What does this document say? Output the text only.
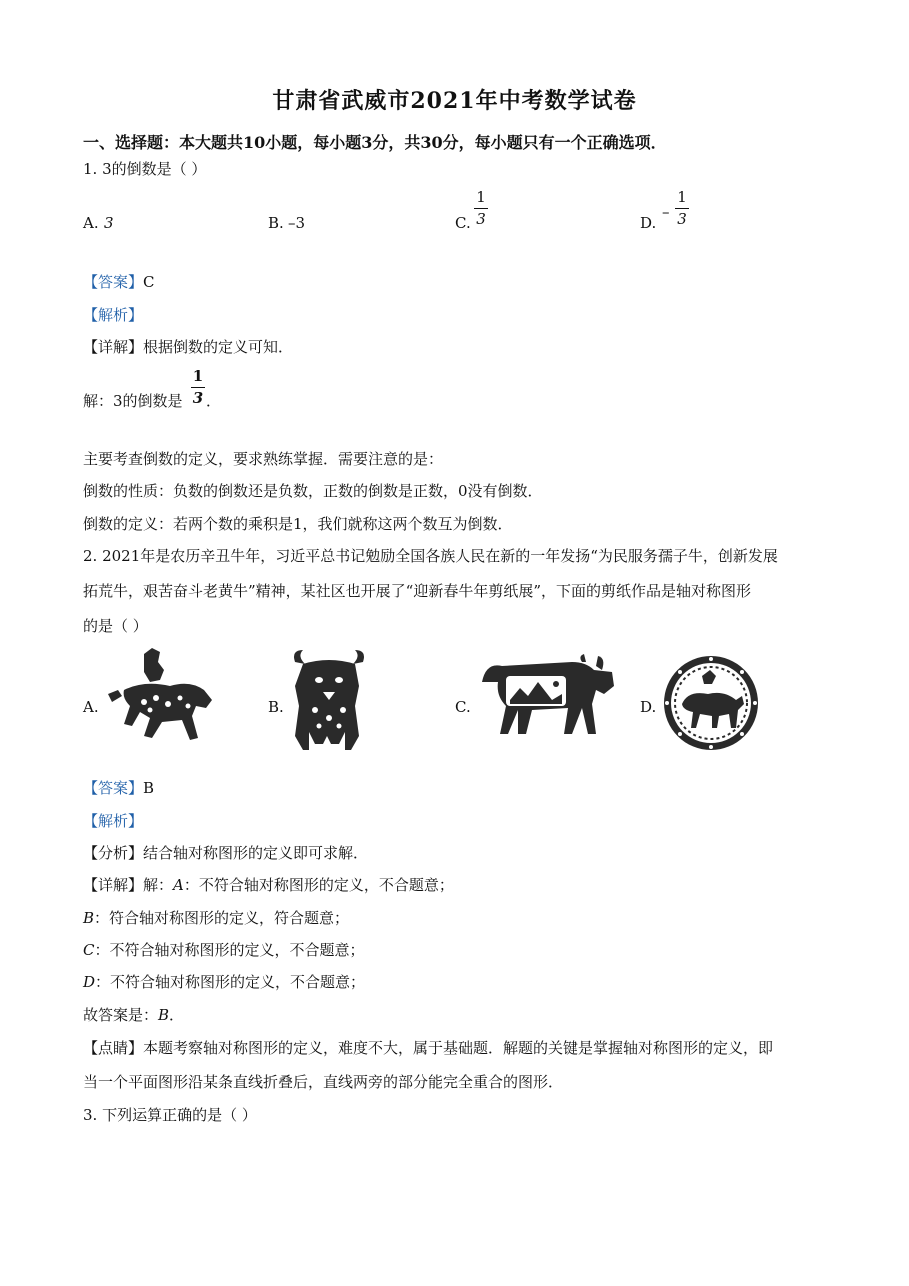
甘肃省武威市2021年中考数学试卷
一、选择题：本大题共10小题，每小题3分，共30分，每小题只有一个正确选项．
1. 3的倒数是（ ）
A. 3	B. –3	C.
1
3	D.
–
1
3
【答案】C
【解析】
【详解】根据倒数的定义可知．
解：3的倒数是
1
3 ．
主要考查倒数的定义，要求熟练掌握．需要注意的是：
倒数的性质：负数的倒数还是负数，正数的倒数是正数，0没有倒数．
倒数的定义：若两个数的乘积是1，我们就称这两个数互为倒数．
2. 2021年是农历辛丑牛年，习近平总书记勉励全国各族人民在新的一年发扬“为民服务孺子牛，创新发展
拓荒牛，艰苦奋斗老黄牛”精神，某社区也开展了“迎新春牛年剪纸展”，下面的剪纸作品是轴对称图形
的是（ ）
A.	B.	C.	D.
【答案】B
【解析】
【分析】结合轴对称图形的定义即可求解．
【详解】解：A：不符合轴对称图形的定义，不合题意；
B：符合轴对称图形的定义，符合题意；
C：不符合轴对称图形的定义，不合题意；
D：不符合轴对称图形的定义，不合题意；
故答案是：B．
【点睛】本题考察轴对称图形的定义，难度不大，属于基础题．解题的关键是掌握轴对称图形的定义，即
当一个平面图形沿某条直线折叠后，直线两旁的部分能完全重合的图形．
3. 下列运算正确的是（ ）
